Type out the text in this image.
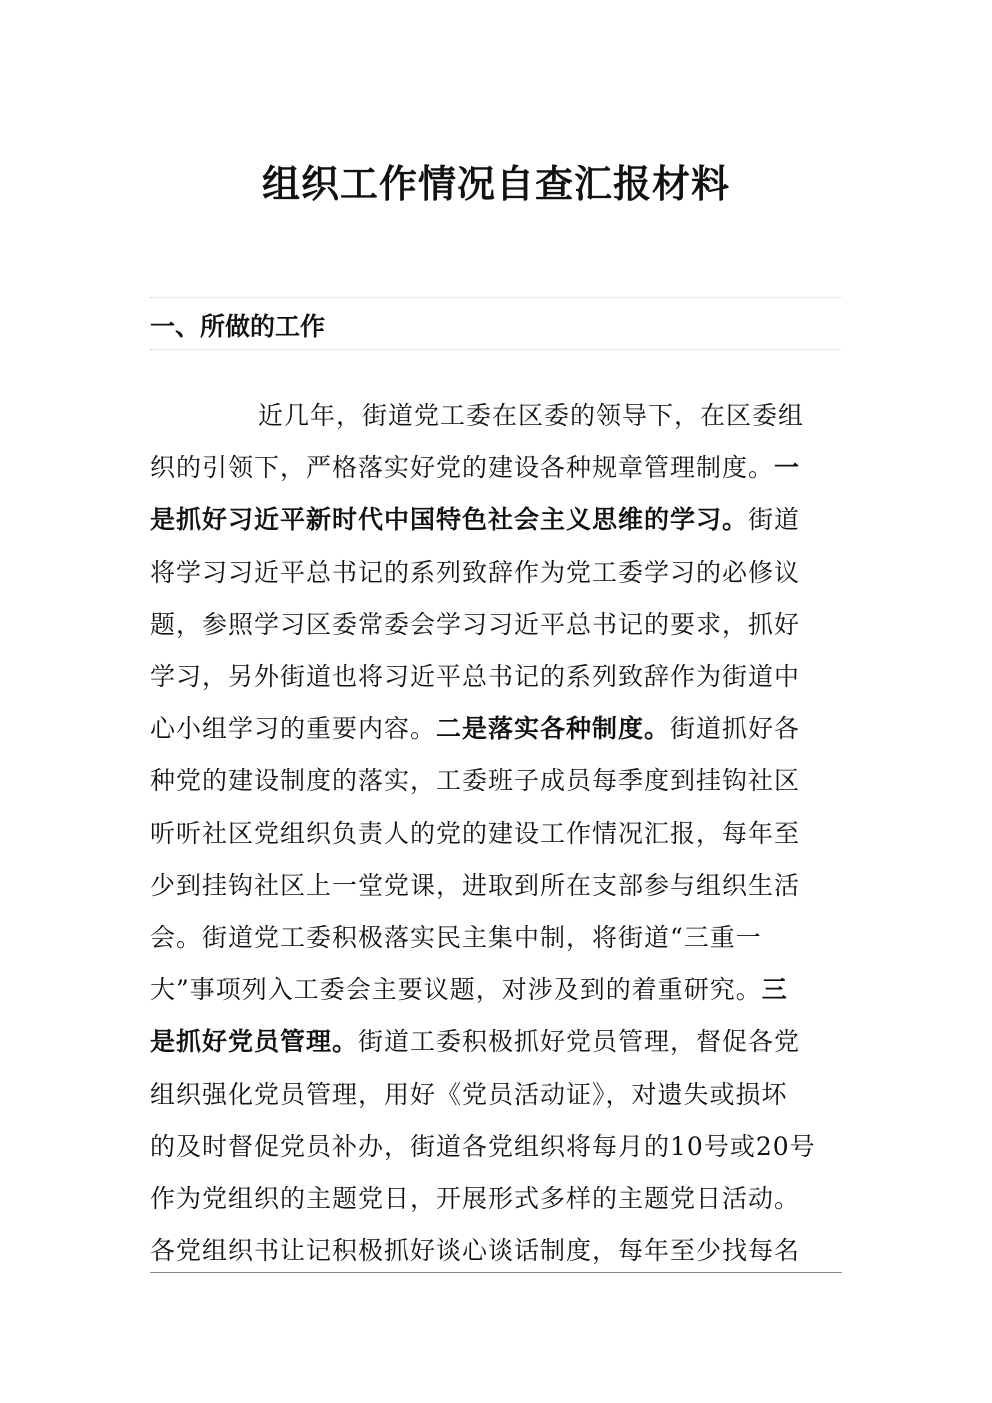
组织工作情况自查汇报材料
一、所做的工作
近几年，街道党工委在区委的领导下，在区委组
织的引领下，严格落实好党的建设各种规章管理制度。一
是抓好习近平新时代中国特色社会主义思维的学习。街道
将学习习近平总书记的系列致辞作为党工委学习的必修议
题，参照学习区委常委会学习习近平总书记的要求，抓好
学习，另外街道也将习近平总书记的系列致辞作为街道中
心小组学习的重要内容。二是落实各种制度。街道抓好各
种党的建设制度的落实，工委班子成员每季度到挂钩社区
听听社区党组织负责人的党的建设工作情况汇报，每年至
少到挂钩社区上一堂党课，进取到所在支部参与组织生活
会。街道党工委积极落实民主集中制，将街道“三重一
大”事项列入工委会主要议题，对涉及到的着重研究。三
是抓好党员管理。街道工委积极抓好党员管理，督促各党
组织强化党员管理，用好《党员活动证》，对遗失或损坏
的及时督促党员补办，街道各党组织将每月的10号或20号
作为党组织的主题党日，开展形式多样的主题党日活动。
各党组织书让记积极抓好谈心谈话制度，每年至少找每名
